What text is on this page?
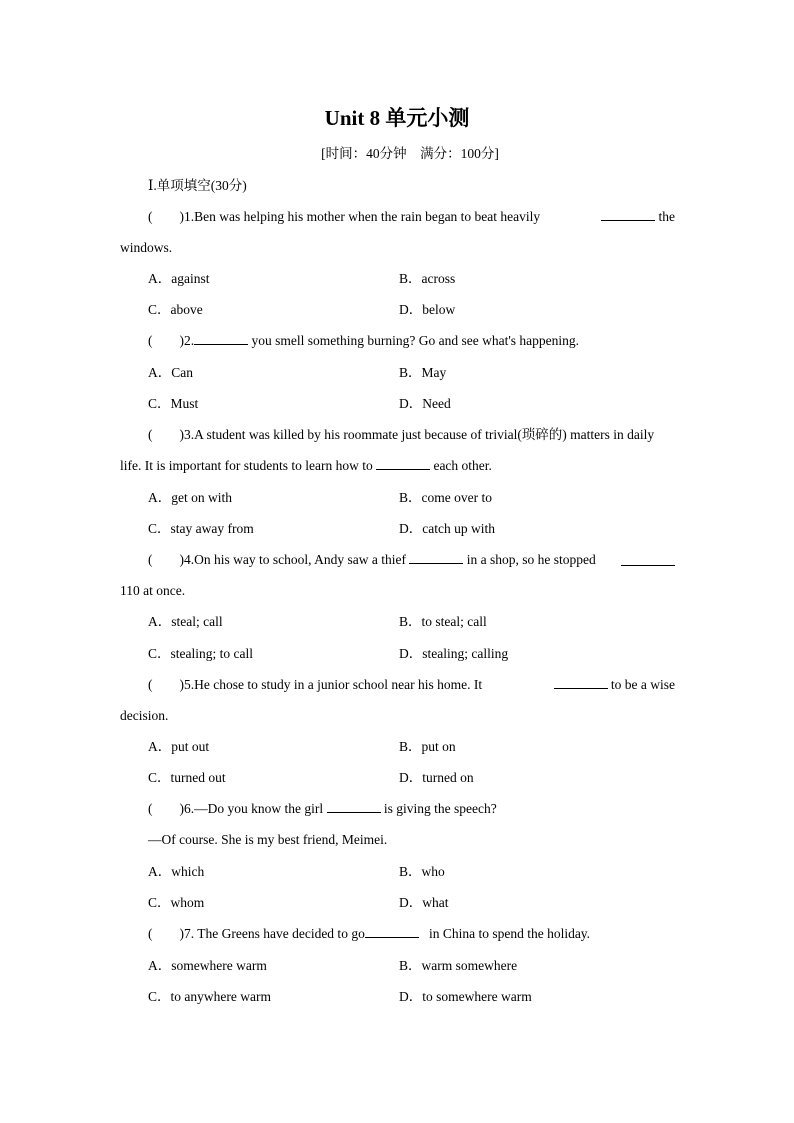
Unit 8 单元小测
[时间：40分钟　满分：100分]
Ⅰ.单项填空(30分)
(　　)1.Ben was helping his mother when the rain began to beat heavily	the
windows.
A．against	B．across
C．above	D．below
(　　)2.	you smell something burning? Go and see what's happening.
A．Can	B．May
C．Must	D．Need
(　　)3.A student was killed by his roommate just because of trivial(琐碎的) matters in daily
life. It is important for students to learn how to	each other.
A．get on with	B．come over to
C．stay away from	D．catch up with
(　　)4.On his way to school, Andy saw a thief	in a shop, so he stopped
110 at once.
A．steal; call	B．to steal; call
C．stealing; to call	D．stealing; calling
(　　)5.He chose to study in a junior school near his home. It	to be a wise
decision.
A．put out	B．put on
C．turned out	D．turned on
(　　)6.—Do you know the girl	is giving the speech?
—Of course. She is my best friend, Meimei.
A．which	B．who
C．whom	D．what
(　　)7. The Greens have decided to go	in China to spend the holiday.
A．somewhere warm	B．warm somewhere
C．to anywhere warm	D．to somewhere warm
